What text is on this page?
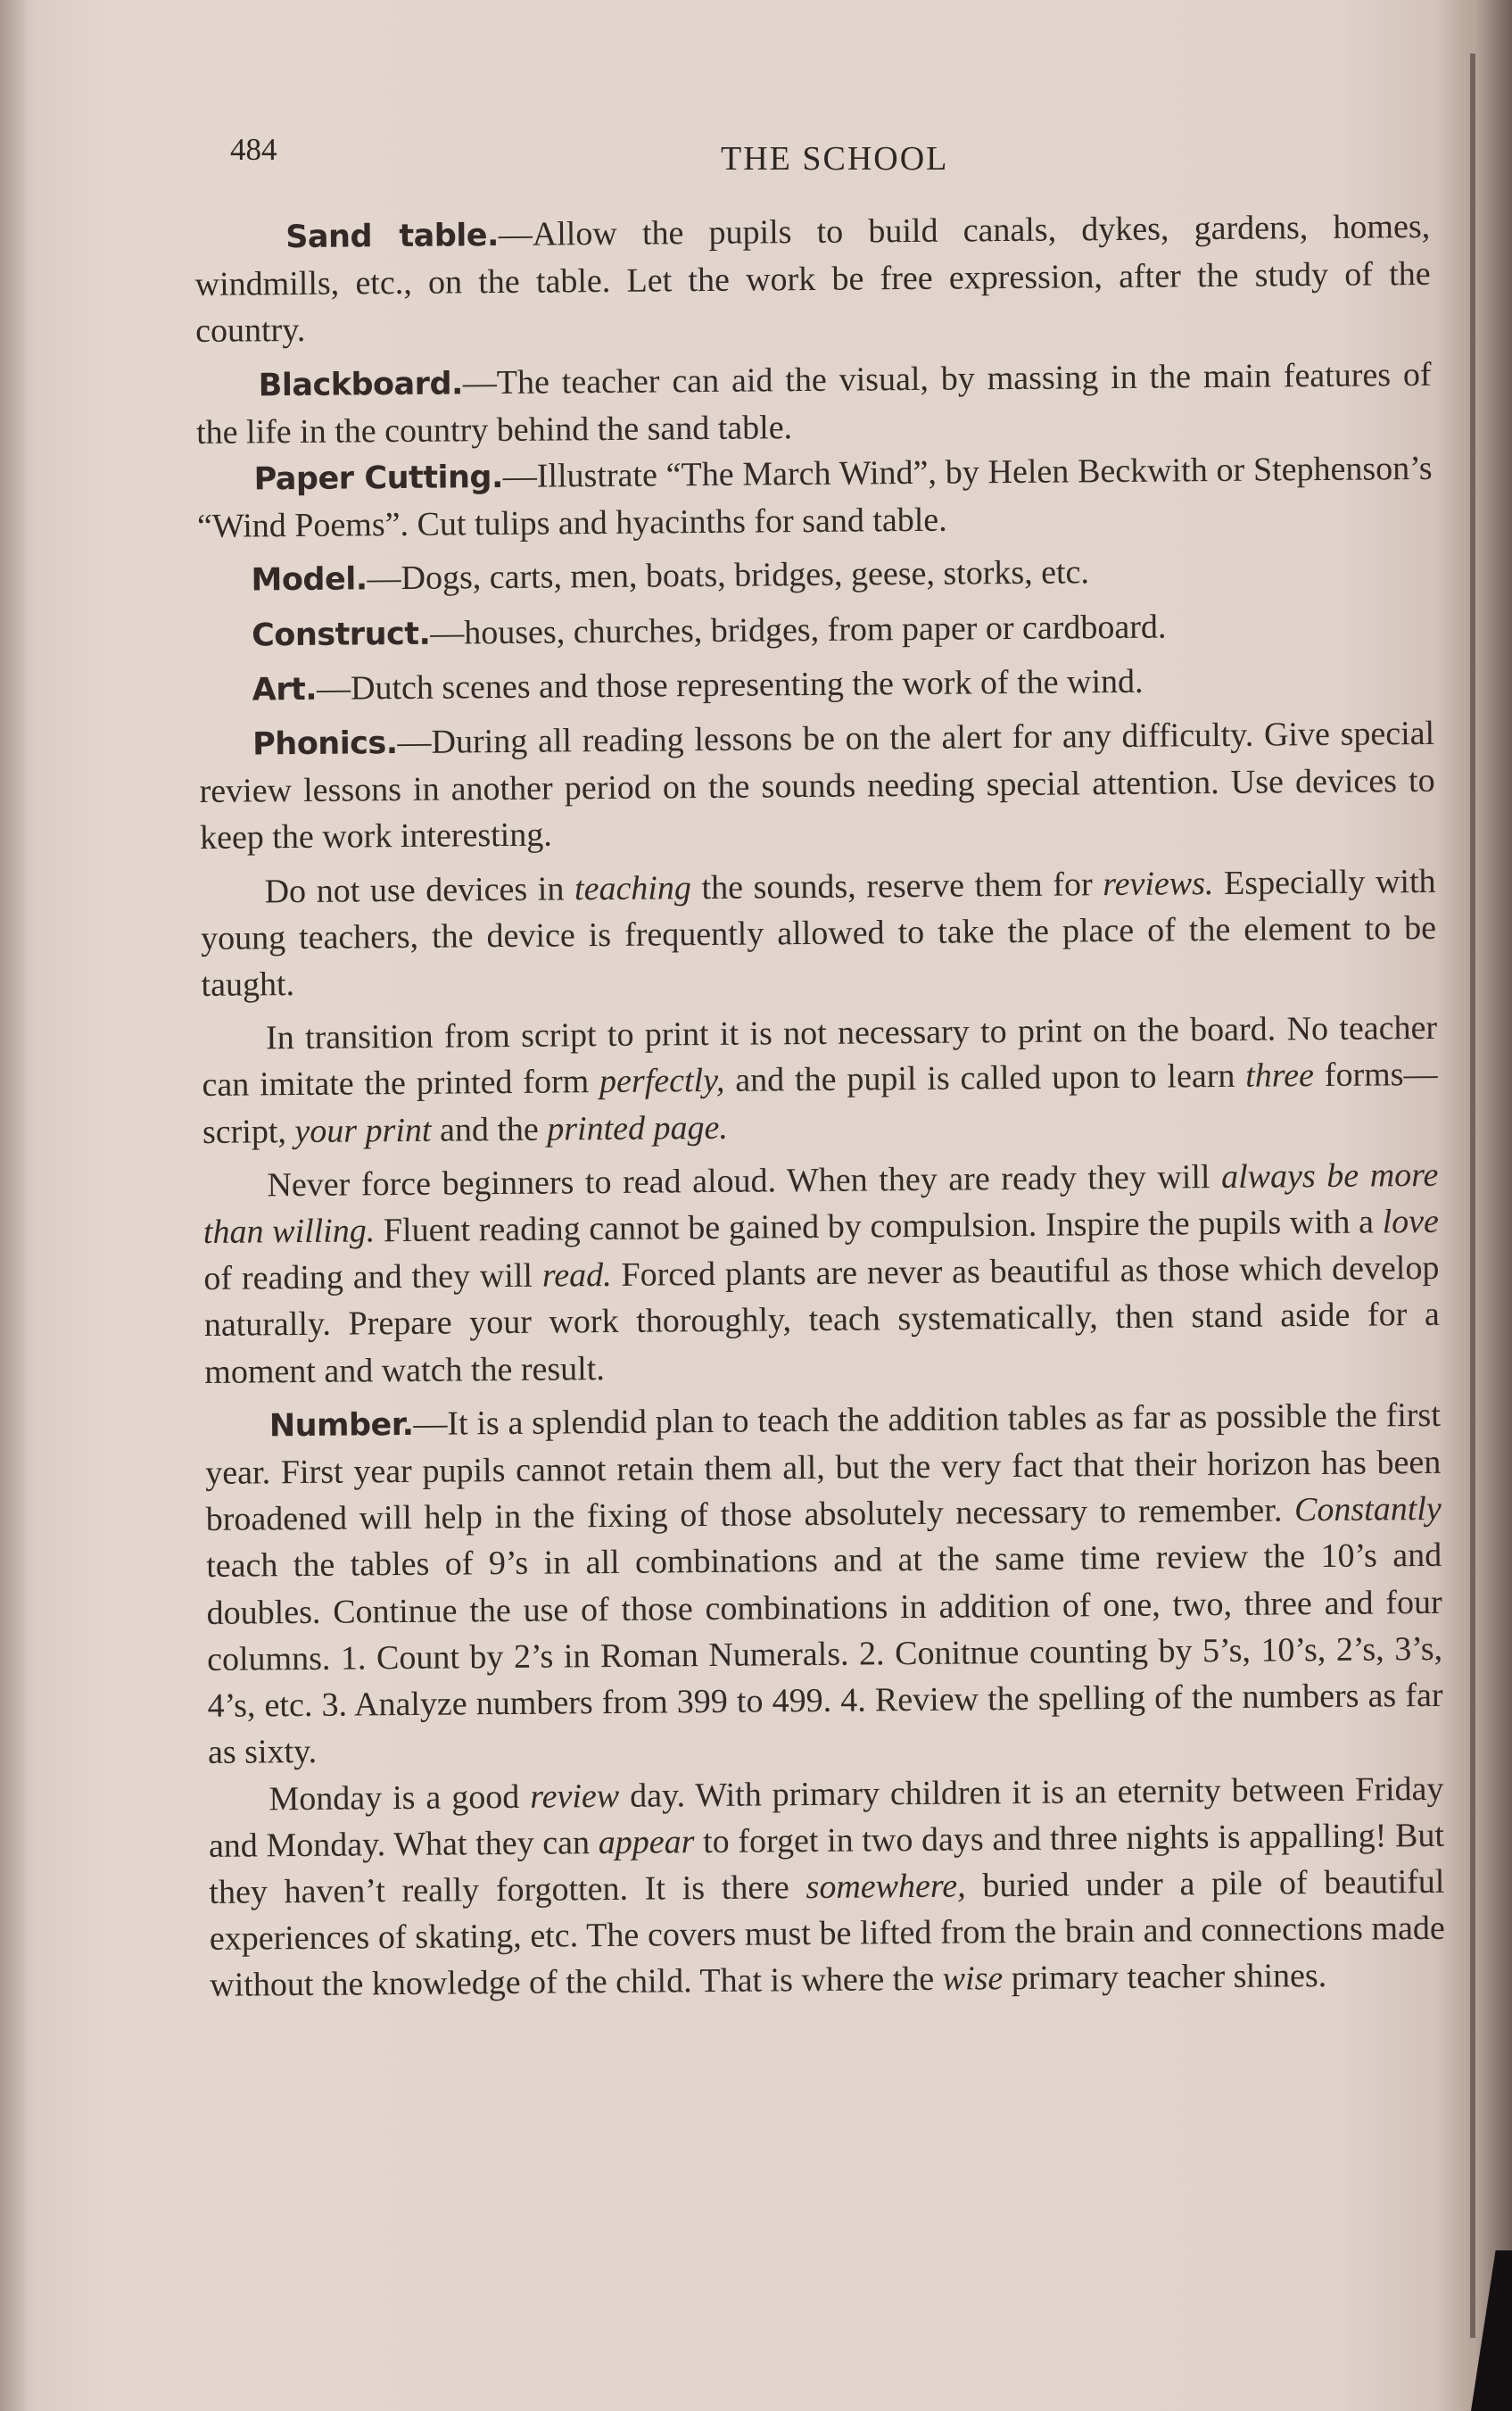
484	THE SCHOOL

Sand table.—Allow the pupils to build canals, dykes, gardens, homes, windmills, etc., on the table. Let the work be free expression, after the study of the country.

Blackboard.—The teacher can aid the visual, by massing in the main features of the life in the country behind the sand table.

Paper Cutting.—Illustrate “The March Wind”, by Helen Beckwith or Stephenson’s “Wind Poems”. Cut tulips and hyacinths for sand table.

Model.—Dogs, carts, men, boats, bridges, geese, storks, etc.

Construct.—houses, churches, bridges, from paper or cardboard.

Art.—Dutch scenes and those representing the work of the wind.

Phonics.—During all reading lessons be on the alert for any difficulty. Give special review lessons in another period on the sounds needing special attention. Use devices to keep the work interesting.

Do not use devices in teaching the sounds, reserve them for reviews. Especially with young teachers, the device is frequently allowed to take the place of the element to be taught.

In transition from script to print it is not necessary to print on the board. No teacher can imitate the printed form perfectly, and the pupil is called upon to learn three forms—script, your print and the printed page.

Never force beginners to read aloud. When they are ready they will always be more than willing. Fluent reading cannot be gained by compulsion. Inspire the pupils with a love of reading and they will read. Forced plants are never as beautiful as those which develop naturally. Prepare your work thoroughly, teach systematically, then stand aside for a moment and watch the result.

Number.—It is a splendid plan to teach the addition tables as far as possible the first year. First year pupils cannot retain them all, but the very fact that their horizon has been broadened will help in the fixing of those absolutely necessary to remember. Constantly teach the tables of 9’s in all combinations and at the same time review the 10’s and doubles. Continue the use of those combinations in addition of one, two, three and four columns. 1. Count by 2’s in Roman Numerals. 2. Conitnue counting by 5’s, 10’s, 2’s, 3’s, 4’s, etc. 3. Analyze numbers from 399 to 499. 4. Review the spelling of the numbers as far as sixty.

Monday is a good review day. With primary children it is an eternity between Friday and Monday. What they can appear to forget in two days and three nights is appalling! But they haven’t really forgotten. It is there somewhere, buried under a pile of beautiful experiences of skating, etc. The covers must be lifted from the brain and connections made without the knowledge of the child. That is where the wise primary teacher shines.
